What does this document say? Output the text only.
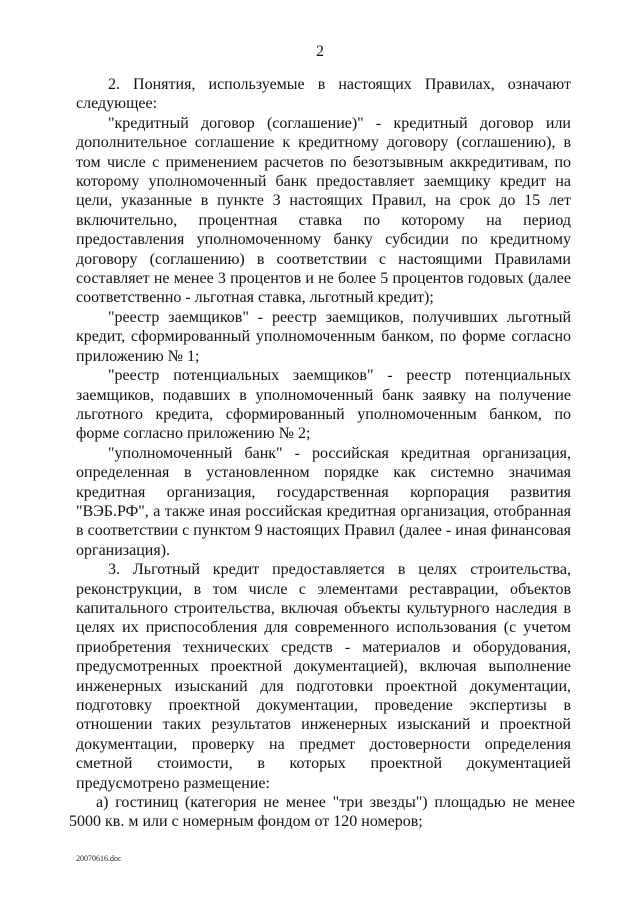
2

2. Понятия, используемые в настоящих Правилах, означают следующее:

"кредитный договор (соглашение)" - кредитный договор или дополнительное соглашение к кредитному договору (соглашению), в том числе с применением расчетов по безотзывным аккредитивам, по которому уполномоченный банк предоставляет заемщику кредит на цели, указанные в пункте 3 настоящих Правил, на срок до 15 лет включительно, процентная ставка по которому на период предоставления уполномоченному банку субсидии по кредитному договору (соглашению) в соответствии с настоящими Правилами составляет не менее 3 процентов и не более 5 процентов годовых (далее соответственно - льготная ставка, льготный кредит);

"реестр заемщиков" - реестр заемщиков, получивших льготный кредит, сформированный уполномоченным банком, по форме согласно приложению № 1;

"реестр потенциальных заемщиков" - реестр потенциальных заемщиков, подавших в уполномоченный банк заявку на получение льготного кредита, сформированный уполномоченным банком, по форме согласно приложению № 2;

"уполномоченный банк" - российская кредитная организация, определенная в установленном порядке как системно значимая кредитная организация, государственная корпорация развития "ВЭБ.РФ", а также иная российская кредитная организация, отобранная в соответствии с пунктом 9 настоящих Правил (далее - иная финансовая организация).

3. Льготный кредит предоставляется в целях строительства, реконструкции, в том числе с элементами реставрации, объектов капитального строительства, включая объекты культурного наследия в целях их приспособления для современного использования (с учетом приобретения технических средств - материалов и оборудования, предусмотренных проектной документацией), включая выполнение инженерных изысканий для подготовки проектной документации, подготовку проектной документации, проведение экспертизы в отношении таких результатов инженерных изысканий и проектной документации, проверку на предмет достоверности определения сметной стоимости, в которых проектной документацией предусмотрено размещение:

а) гостиниц (категория не менее "три звезды") площадью не менее 5000 кв. м или с номерным фондом от 120 номеров;

20070616.doc
